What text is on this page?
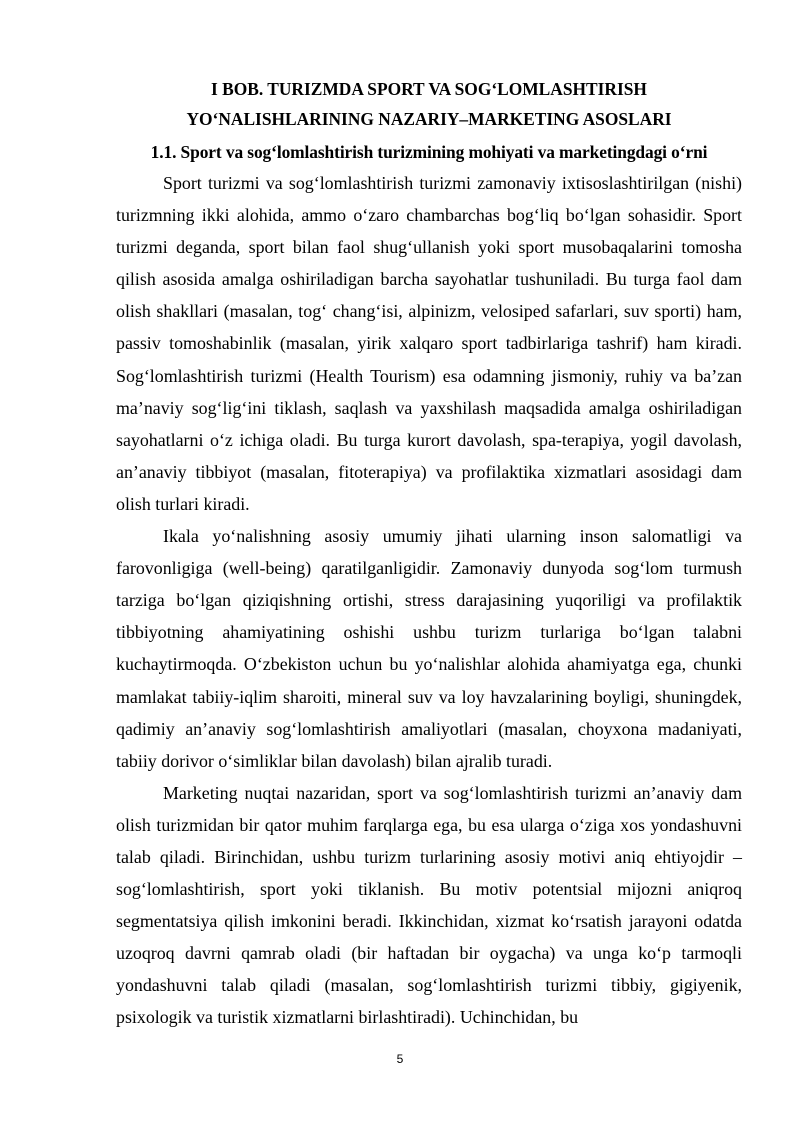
I BOB. TURIZMDA SPORT VA SOG‘LOMLASHTIRISH

YO‘NALISHLARINING NAZARIY–MARKETING ASOSLARI

1.1. Sport va sog‘lomlashtirish turizmining mohiyati va marketingdagi o‘rni

Sport turizmi va sog‘lomlashtirish turizmi zamonaviy ixtisoslashtirilgan (nishi) turizmning ikki alohida, ammo o‘zaro chambarchas bog‘liq bo‘lgan sohasidir. Sport turizmi deganda, sport bilan faol shug‘ullanish yoki sport musobaqalarini tomosha qilish asosida amalga oshiriladigan barcha sayohatlar tushuniladi. Bu turga faol dam olish shakllari (masalan, tog‘ chang‘isi, alpinizm, velosiped safarlari, suv sporti) ham, passiv tomoshabinlik (masalan, yirik xalqaro sport tadbirlariga tashrif) ham kiradi. Sog‘lomlashtirish turizmi (Health Tourism) esa odamning jismoniy, ruhiy va ba’zan ma’naviy sog‘lig‘ini tiklash, saqlash va yaxshilash maqsadida amalga oshiriladigan sayohatlarni o‘z ichiga oladi. Bu turga kurort davolash, spa-terapiya, yogil davolash, an’anaviy tibbiyot (masalan, fitoterapiya) va profilaktika xizmatlari asosidagi dam olish turlari kiradi.

Ikala yo‘nalishning asosiy umumiy jihati ularning inson salomatligi va farovonligiga (well-being) qaratilganligidir. Zamonaviy dunyoda sog‘lom turmush tarziga bo‘lgan qiziqishning ortishi, stress darajasining yuqoriligi va profilaktik tibbiyotning ahamiyatining oshishi ushbu turizm turlariga bo‘lgan talabni kuchaytirmoqda. O‘zbekiston uchun bu yo‘nalishlar alohida ahamiyatga ega, chunki mamlakat tabiiy-iqlim sharoiti, mineral suv va loy havzalarining boyligi, shuningdek, qadimiy an’anaviy sog‘lomlashtirish amaliyotlari (masalan, choyxona madaniyati, tabiiy dorivor o‘simliklar bilan davolash) bilan ajralib turadi.

Marketing nuqtai nazaridan, sport va sog‘lomlashtirish turizmi an’anaviy dam olish turizmidan bir qator muhim farqlarga ega, bu esa ularga o‘ziga xos yondashuvni talab qiladi. Birinchidan, ushbu turizm turlarining asosiy motivi aniq ehtiyojdir – sog‘lomlashtirish, sport yoki tiklanish. Bu motiv potentsial mijozni aniqroq segmentatsiya qilish imkonini beradi. Ikkinchidan, xizmat ko‘rsatish jarayoni odatda uzoqroq davrni qamrab oladi (bir haftadan bir oygacha) va unga ko‘p tarmoqli yondashuvni talab qiladi (masalan, sog‘lomlashtirish turizmi tibbiy, gigiyenik, psixologik va turistik xizmatlarni birlashtiradi). Uchinchidan, bu

5
